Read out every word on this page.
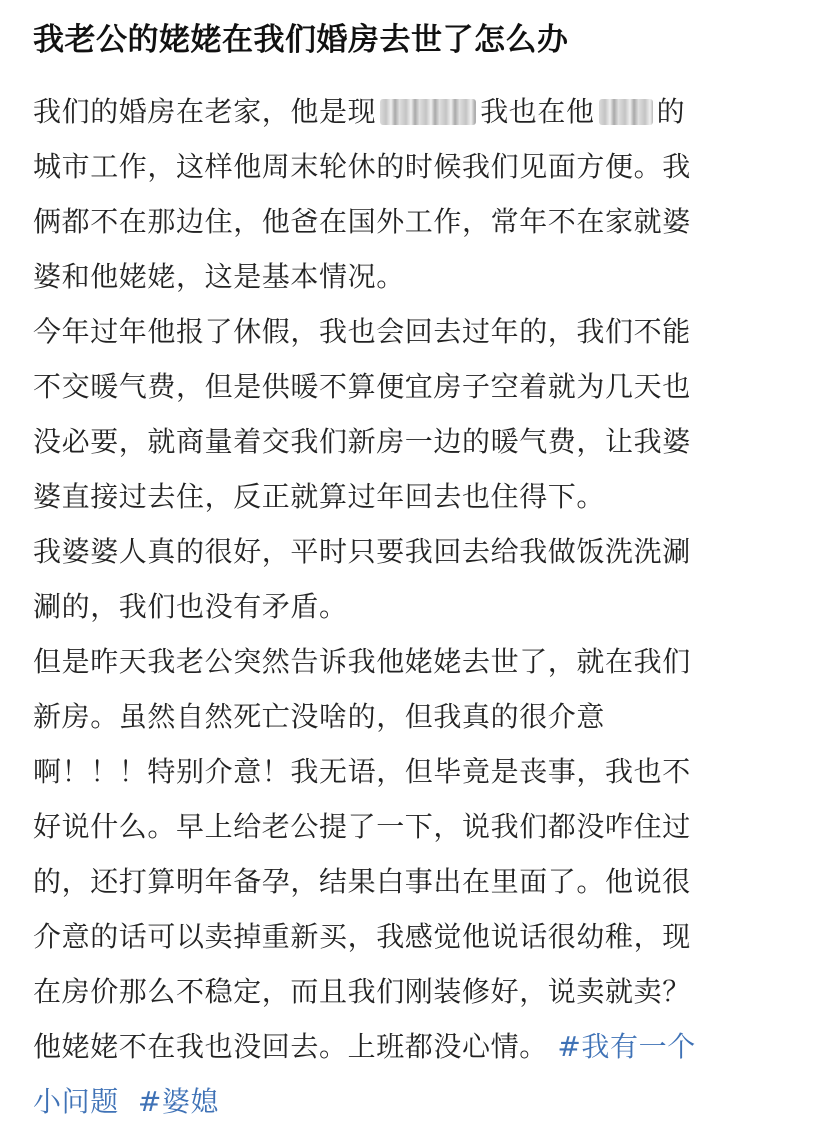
我老公的姥姥在我们婚房去世了怎么办
我们的婚房在老家，他是现	我也在他 的
城市工作，这样他周末轮休的时候我们见面方便。我
俩都不在那边住，他爸在国外工作，常年不在家就婆
婆和他姥姥，这是基本情况。
今年过年他报了休假，我也会回去过年的，我们不能
不交暖气费，但是供暖不算便宜房子空着就为几天也
没必要，就商量着交我们新房一边的暖气费，让我婆
婆直接过去住，反正就算过年回去也住得下。
我婆婆人真的很好，平时只要我回去给我做饭洗洗涮
涮的，我们也没有矛盾。
但是昨天我老公突然告诉我他姥姥去世了，就在我们
新房。虽然自然死亡没啥的，但我真的很介意
啊！！！特别介意！我无语，但毕竟是丧事，我也不
好说什么。早上给老公提了一下，说我们都没咋住过
的，还打算明年备孕，结果白事出在里面了。他说很
介意的话可以卖掉重新买，我感觉他说话很幼稚，现
在房价那么不稳定，而且我们刚装修好，说卖就卖？
他姥姥不在我也没回去。上班都没心情。 #我有一个
小问题 #婆媳
